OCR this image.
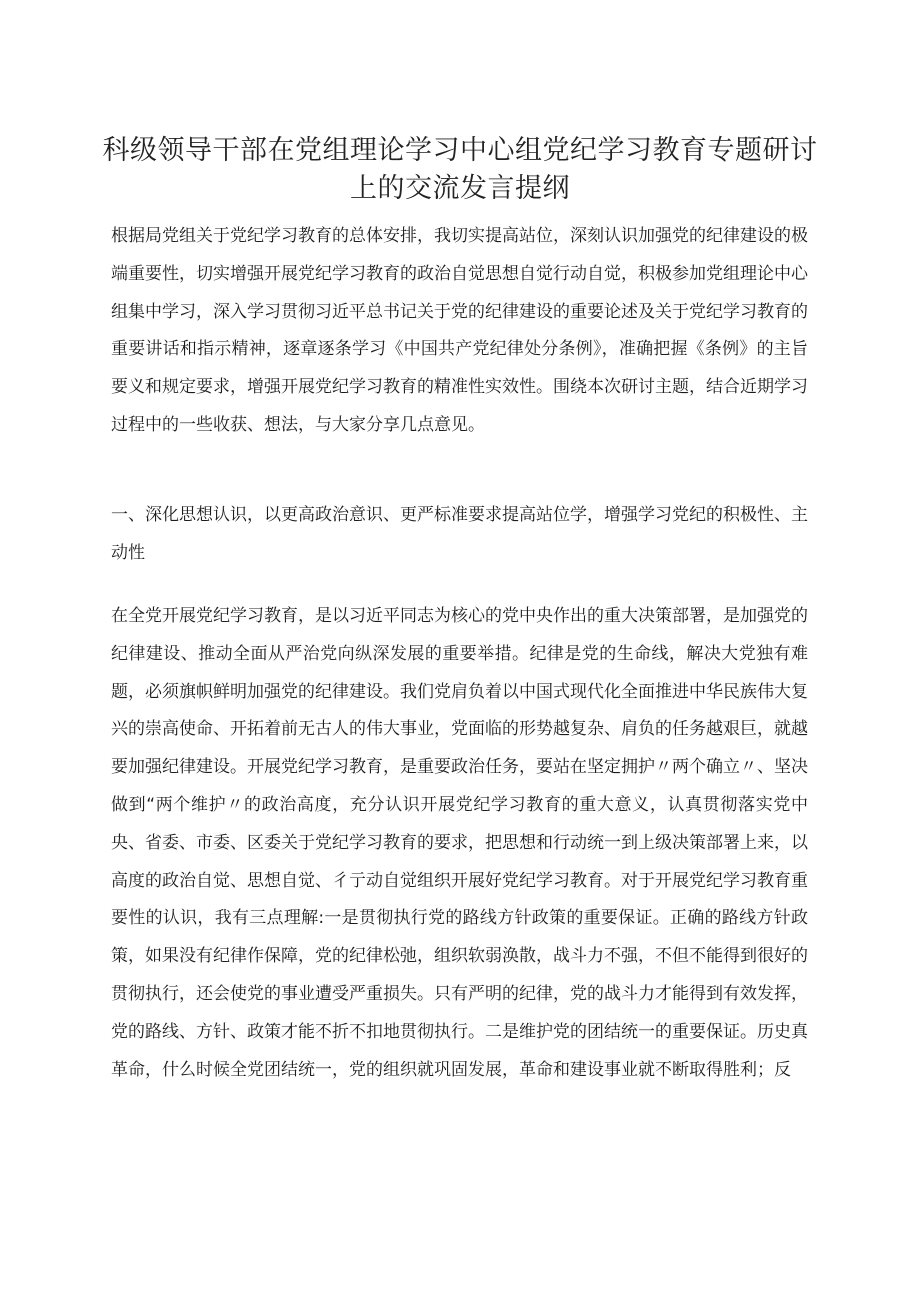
科级领导干部在党组理论学习中心组党纪学习教育专题研讨上的交流发言提纲

根据局党组关于党纪学习教育的总体安排，我切实提高站位，深刻认识加强党的纪律建设的极端重要性，切实增强开展党纪学习教育的政治自觉思想自觉行动自觉，积极参加党组理论中心组集中学习，深入学习贯彻习近平总书记关于党的纪律建设的重要论述及关于党纪学习教育的重要讲话和指示精神，逐章逐条学习《中国共产党纪律处分条例》，准确把握《条例》的主旨要义和规定要求，增强开展党纪学习教育的精准性实效性。围绕本次研讨主题，结合近期学习过程中的一些收获、想法，与大家分享几点意见。

一、深化思想认识，以更高政治意识、更严标准要求提高站位学，增强学习党纪的积极性、主动性

在全党开展党纪学习教育，是以习近平同志为核心的党中央作出的重大决策部署，是加强党的纪律建设、推动全面从严治党向纵深发展的重要举措。纪律是党的生命线，解决大党独有难题，必须旗帜鲜明加强党的纪律建设。我们党肩负着以中国式现代化全面推进中华民族伟大复兴的崇高使命、开拓着前无古人的伟大事业，党面临的形势越复杂、肩负的任务越艰巨，就越要加强纪律建设。开展党纪学习教育，是重要政治任务，要站在坚定拥护〃两个确立〃、坚决做到“两个维护〃的政治高度，充分认识开展党纪学习教育的重大意义，认真贯彻落实党中央、省委、市委、区委关于党纪学习教育的要求，把思想和行动统一到上级决策部署上来，以高度的政治自觉、思想自觉、彳亍动自觉组织开展好党纪学习教育。对于开展党纪学习教育重要性的认识，我有三点理解:一是贯彻执行党的路线方针政策的重要保证。正确的路线方针政策，如果没有纪律作保障，党的纪律松弛，组织软弱涣散，战斗力不强，不但不能得到很好的贯彻执行，还会使党的事业遭受严重损失。只有严明的纪律，党的战斗力才能得到有效发挥，党的路线、方针、政策才能不折不扣地贯彻执行。二是维护党的团结统一的重要保证。历史真革命，什么时候全党团结统一，党的组织就巩固发展，革命和建设事业就不断取得胜利；反
